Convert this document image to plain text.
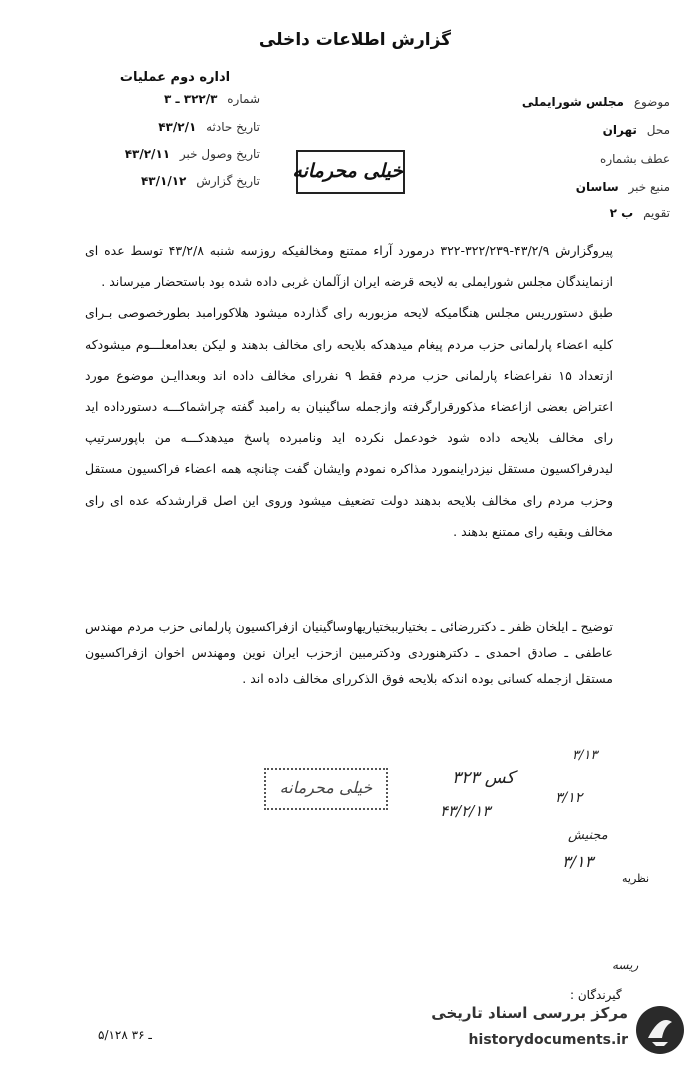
گزارش اطلاعات داخلی
اداره دوم عملیات
شماره ۳۲۲/۳ ـ ۳
تاریخ حادثه ۴۳/۲/۱
تاریخ وصول خبر ۴۳/۲/۱۱
تاریخ گزارش ۴۳/۱/۱۲
موضوع مجلس شورایملی
محل تهران
عطف بشماره
منبع خبر ساسان
تقویم ب ۲
خیلی محرمانه

پیروگزارش ۴۳/۲/۹-۳۲۲/۲۳۹-۳۲۲ درمورد آراء ممتنع ومخالفیکه روزسه شنبه ۴۳/۲/۸ توسط عده ای ازنمایندگان مجلس شورایملی به لایحه قرضه ایران ازآلمان غربی داده شده بود باستحضار میرساند .

طبق دستورریس مجلس هنگامیکه لایحه مزبوربه رای گذارده میشود هلاکورامبد بطورخصوصی بـرای کلیه اعضاء پارلمانی حزب مردم پیغام میدهدکه بلایحه رای مخالف بدهند و لیکن بعدامعلـــوم میشودکه ازتعداد ۱۵ نفراعضاء پارلمانی حزب مردم فقط ۹ نفررای مخالف داده اند وبعداایـن موضوع مورد اعتراض بعضی ازاعضاء مذکورقرارگرفته وازجمله ساگینیان به رامبد گفته چراشماکـــه دستورداده اید رای مخالف بلایحه داده شود خودعمل نکرده اید ونامبرده پاسخ میدهدکـــه من باپورسرتیپ لیدرفراکسیون مستقل نیزدراینمورد مذاکره نمودم وایشان گفت چنانچه همه اعضاء فراکسیون مستقل وحزب مردم رای مخالف بلایحه بدهند دولت تضعیف میشود وروی این اصل قرارشدکه عده ای رای مخالف وبقیه رای ممتنع بدهند .

توضیح ـ ایلخان ظفر ـ دکتررضائی ـ بختیارببختیاریهاوساگینیان ازفراکسیون پارلمانی حزب مردم مهندس عاطفی ـ صادق احمدی ـ دکترهنوردی ودکترمبین ازحزب ایران نوین ومهندس اخوان ازفراکسیون مستقل ازجمله کسانی بوده اندکه بلایحه فوق الذکررای مخالف داده اند .

۳/۱۳
۳/۱۲
خیلی محرمانه	کس ۳۲۳
۴۳/۲/۱۳
مجنیش
۳/۱۳
نظریه
ریسه
گیرندگان :
۵/۱۲۸ ـ ۳۶
مرکز بررسی اسناد تاریخی
historydocuments.ir
